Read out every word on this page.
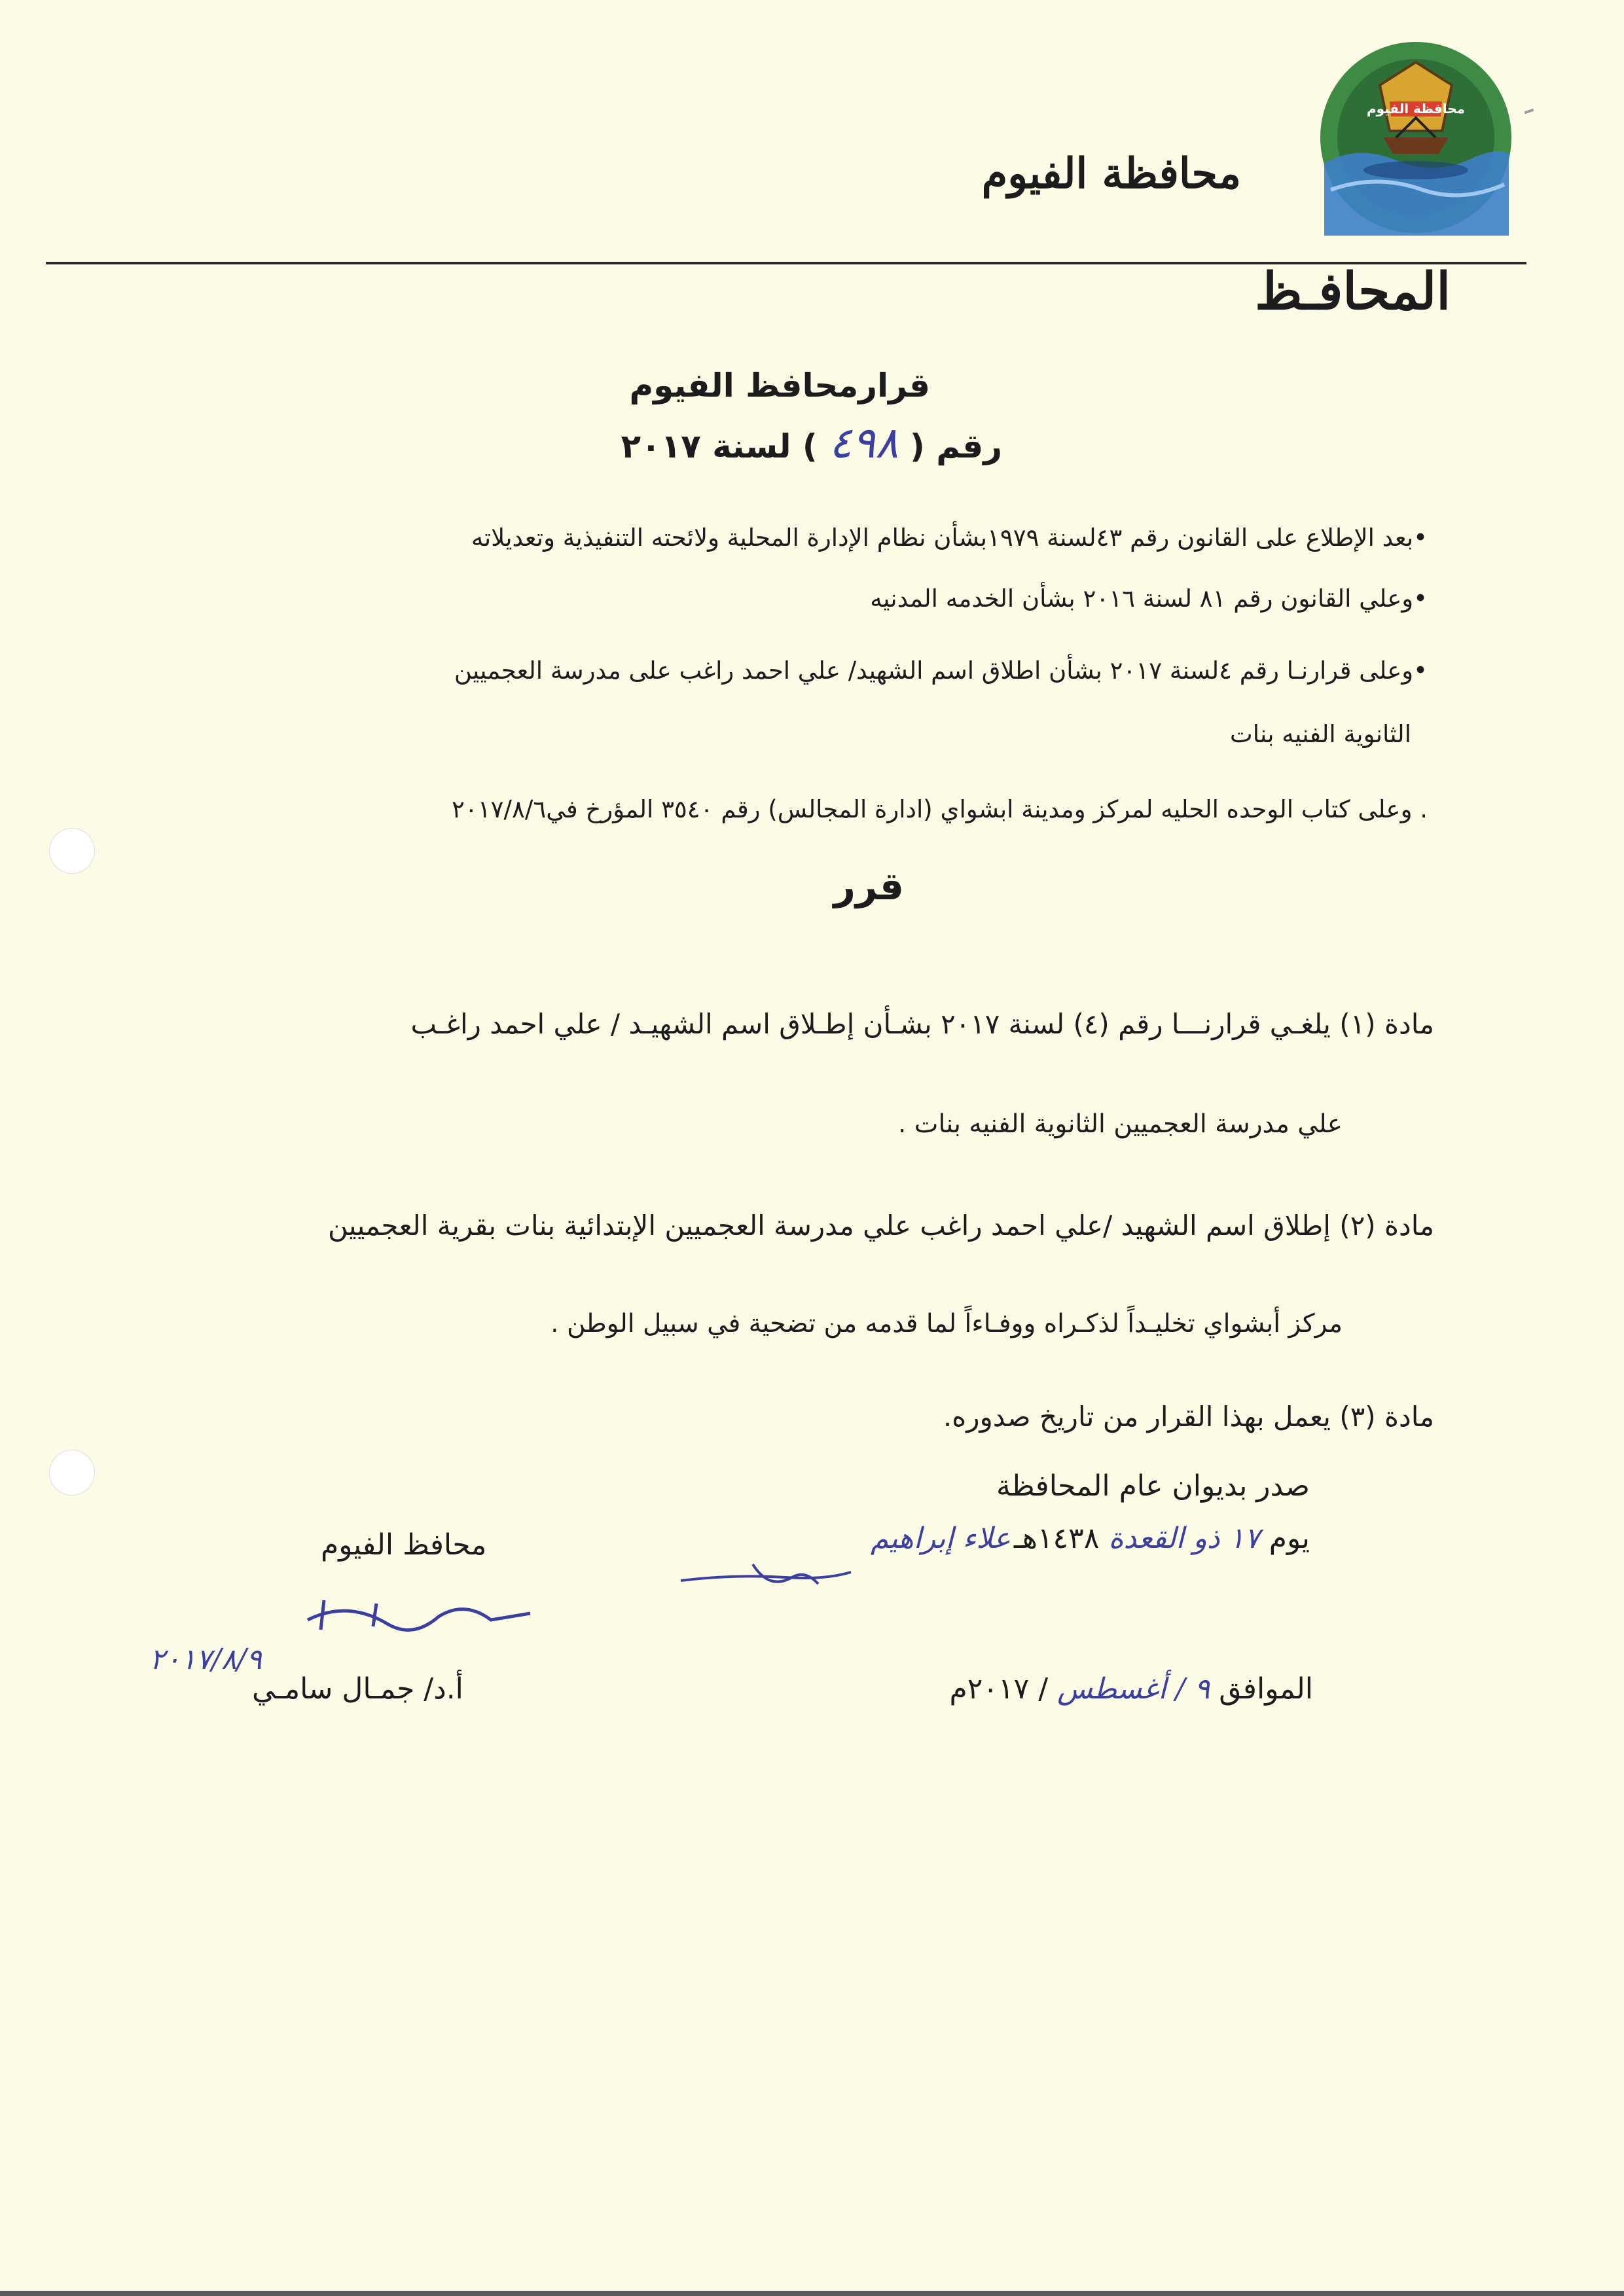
محافظة الفيوم
محافظة الفيوم
المحافـظ
قرارمحافظ الفيوم
رقم ( ٤٩٨ ) لسنة ٢٠١٧
•بعد الإطلاع على القانون رقم ٤٣لسنة ١٩٧٩بشأن نظام الإدارة المحلية ولائحته التنفيذية وتعديلاته
•وعلي القانون رقم ٨١ لسنة ٢٠١٦ بشأن الخدمه المدنيه
•وعلى قرارنـا رقم ٤لسنة ٢٠١٧ بشأن اطلاق اسم الشهيد/ علي احمد راغب على مدرسة العجميين
الثانوية الفنيه بنات
. وعلى كتاب الوحده الحليه لمركز ومدينة ابشواي (ادارة المجالس) رقم ٣٥٤٠ المؤرخ في٢٠١٧/٨/٦
قرر
مادة (١) يلغـي قرارنـــا رقم (٤) لسنة ٢٠١٧ بشـأن إطـلاق اسم الشهيـد / علي احمد راغـب
علي مدرسة العجميين الثانوية الفنيه بنات .
مادة (٢) إطلاق اسم الشهيد /علي احمد راغب علي مدرسة العجميين الإبتدائية بنات بقرية العجميين
مركز أبشواي تخليـداً لذكـراه ووفـاءاً لما قدمه من تضحية في سبيل الوطن .
مادة (٣) يعمل بهذا القرار من تاريخ صدوره.
صدر بديوان عام المحافظة
يوم ١٧ ذو القعدة ١٤٣٨هـ
الموافق ٩ / أغسطس / ٢٠١٧م
علاء إبراهيم
محافظ الفيوم
٢٠١٧/٨/٩
أ.د/ جمـال سامـي
